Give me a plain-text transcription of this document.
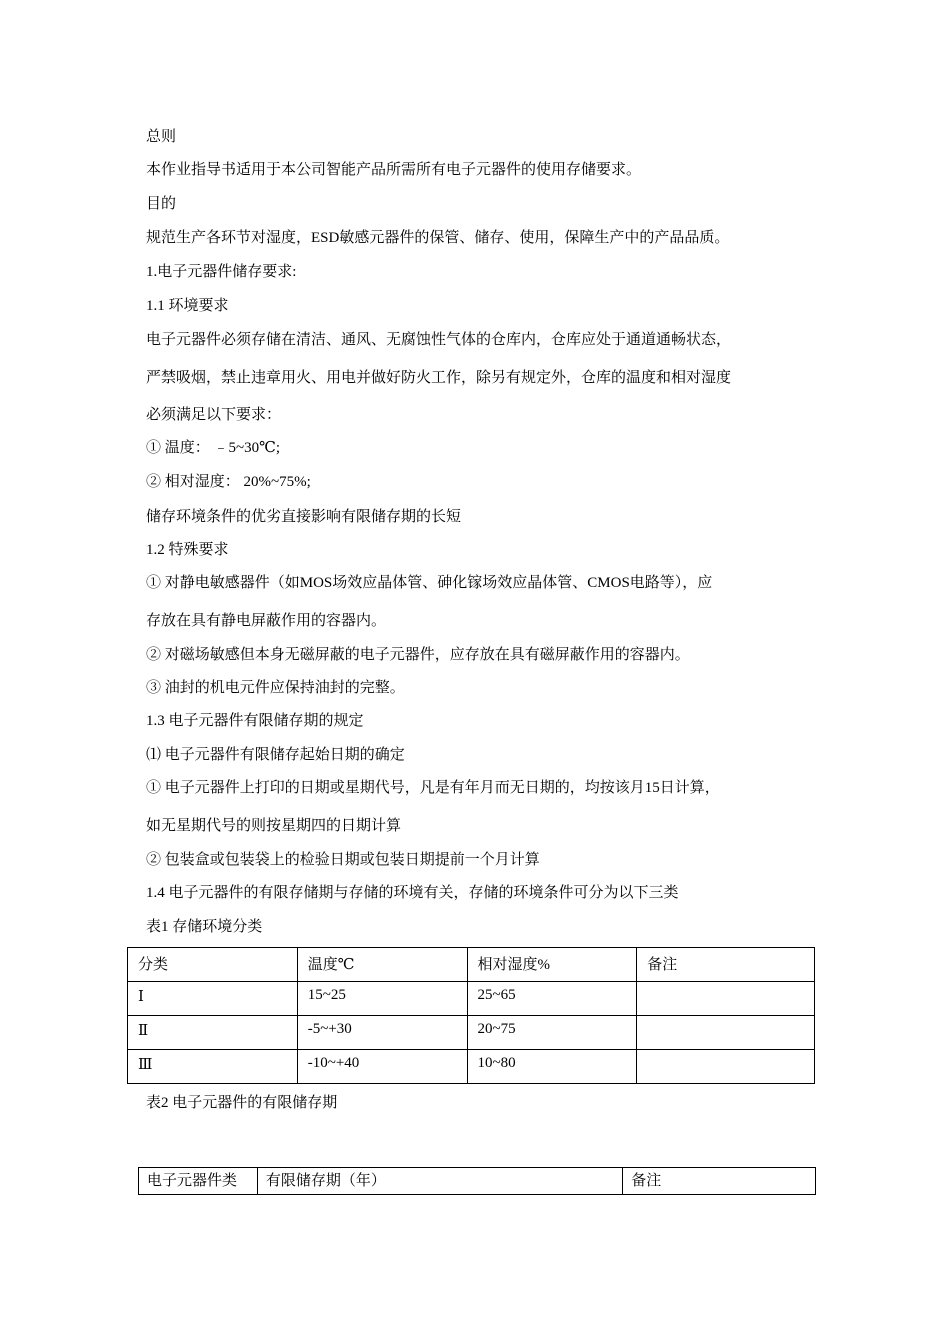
总则
本作业指导书适用于本公司智能产品所需所有电子元器件的使用存储要求。
目的
规范生产各环节对湿度，ESD敏感元器件的保管、储存、使用，保障生产中的产品品质。
1.电子元器件储存要求:
1.1 环境要求
电子元器件必须存储在清洁、通风、无腐蚀性气体的仓库内，仓库应处于通道通畅状态，
严禁吸烟，禁止违章用火、用电并做好防火工作，除另有规定外，仓库的温度和相对湿度
必须满足以下要求：
① 温度： ﹣5~30℃;
② 相对湿度： 20%~75%;
储存环境条件的优劣直接影响有限储存期的长短
1.2 特殊要求
① 对静电敏感器件（如MOS场效应晶体管、砷化镓场效应晶体管、CMOS电路等），应
存放在具有静电屏蔽作用的容器内。
② 对磁场敏感但本身无磁屏蔽的电子元器件，应存放在具有磁屏蔽作用的容器内。
③ 油封的机电元件应保持油封的完整。
1.3 电子元器件有限储存期的规定
⑴ 电子元器件有限储存起始日期的确定
① 电子元器件上打印的日期或星期代号，凡是有年月而无日期的，均按该月15日计算，
如无星期代号的则按星期四的日期计算
② 包装盒或包装袋上的检验日期或包装日期提前一个月计算
1.4 电子元器件的有限存储期与存储的环境有关，存储的环境条件可分为以下三类
表1 存储环境分类
分类	温度℃	相对湿度%	备注
Ⅰ	15~25	25~65	
Ⅱ	-5~+30	20~75	
Ⅲ	-10~+40	10~80	
表2 电子元器件的有限储存期
电子元器件类	有限储存期（年）	备注
